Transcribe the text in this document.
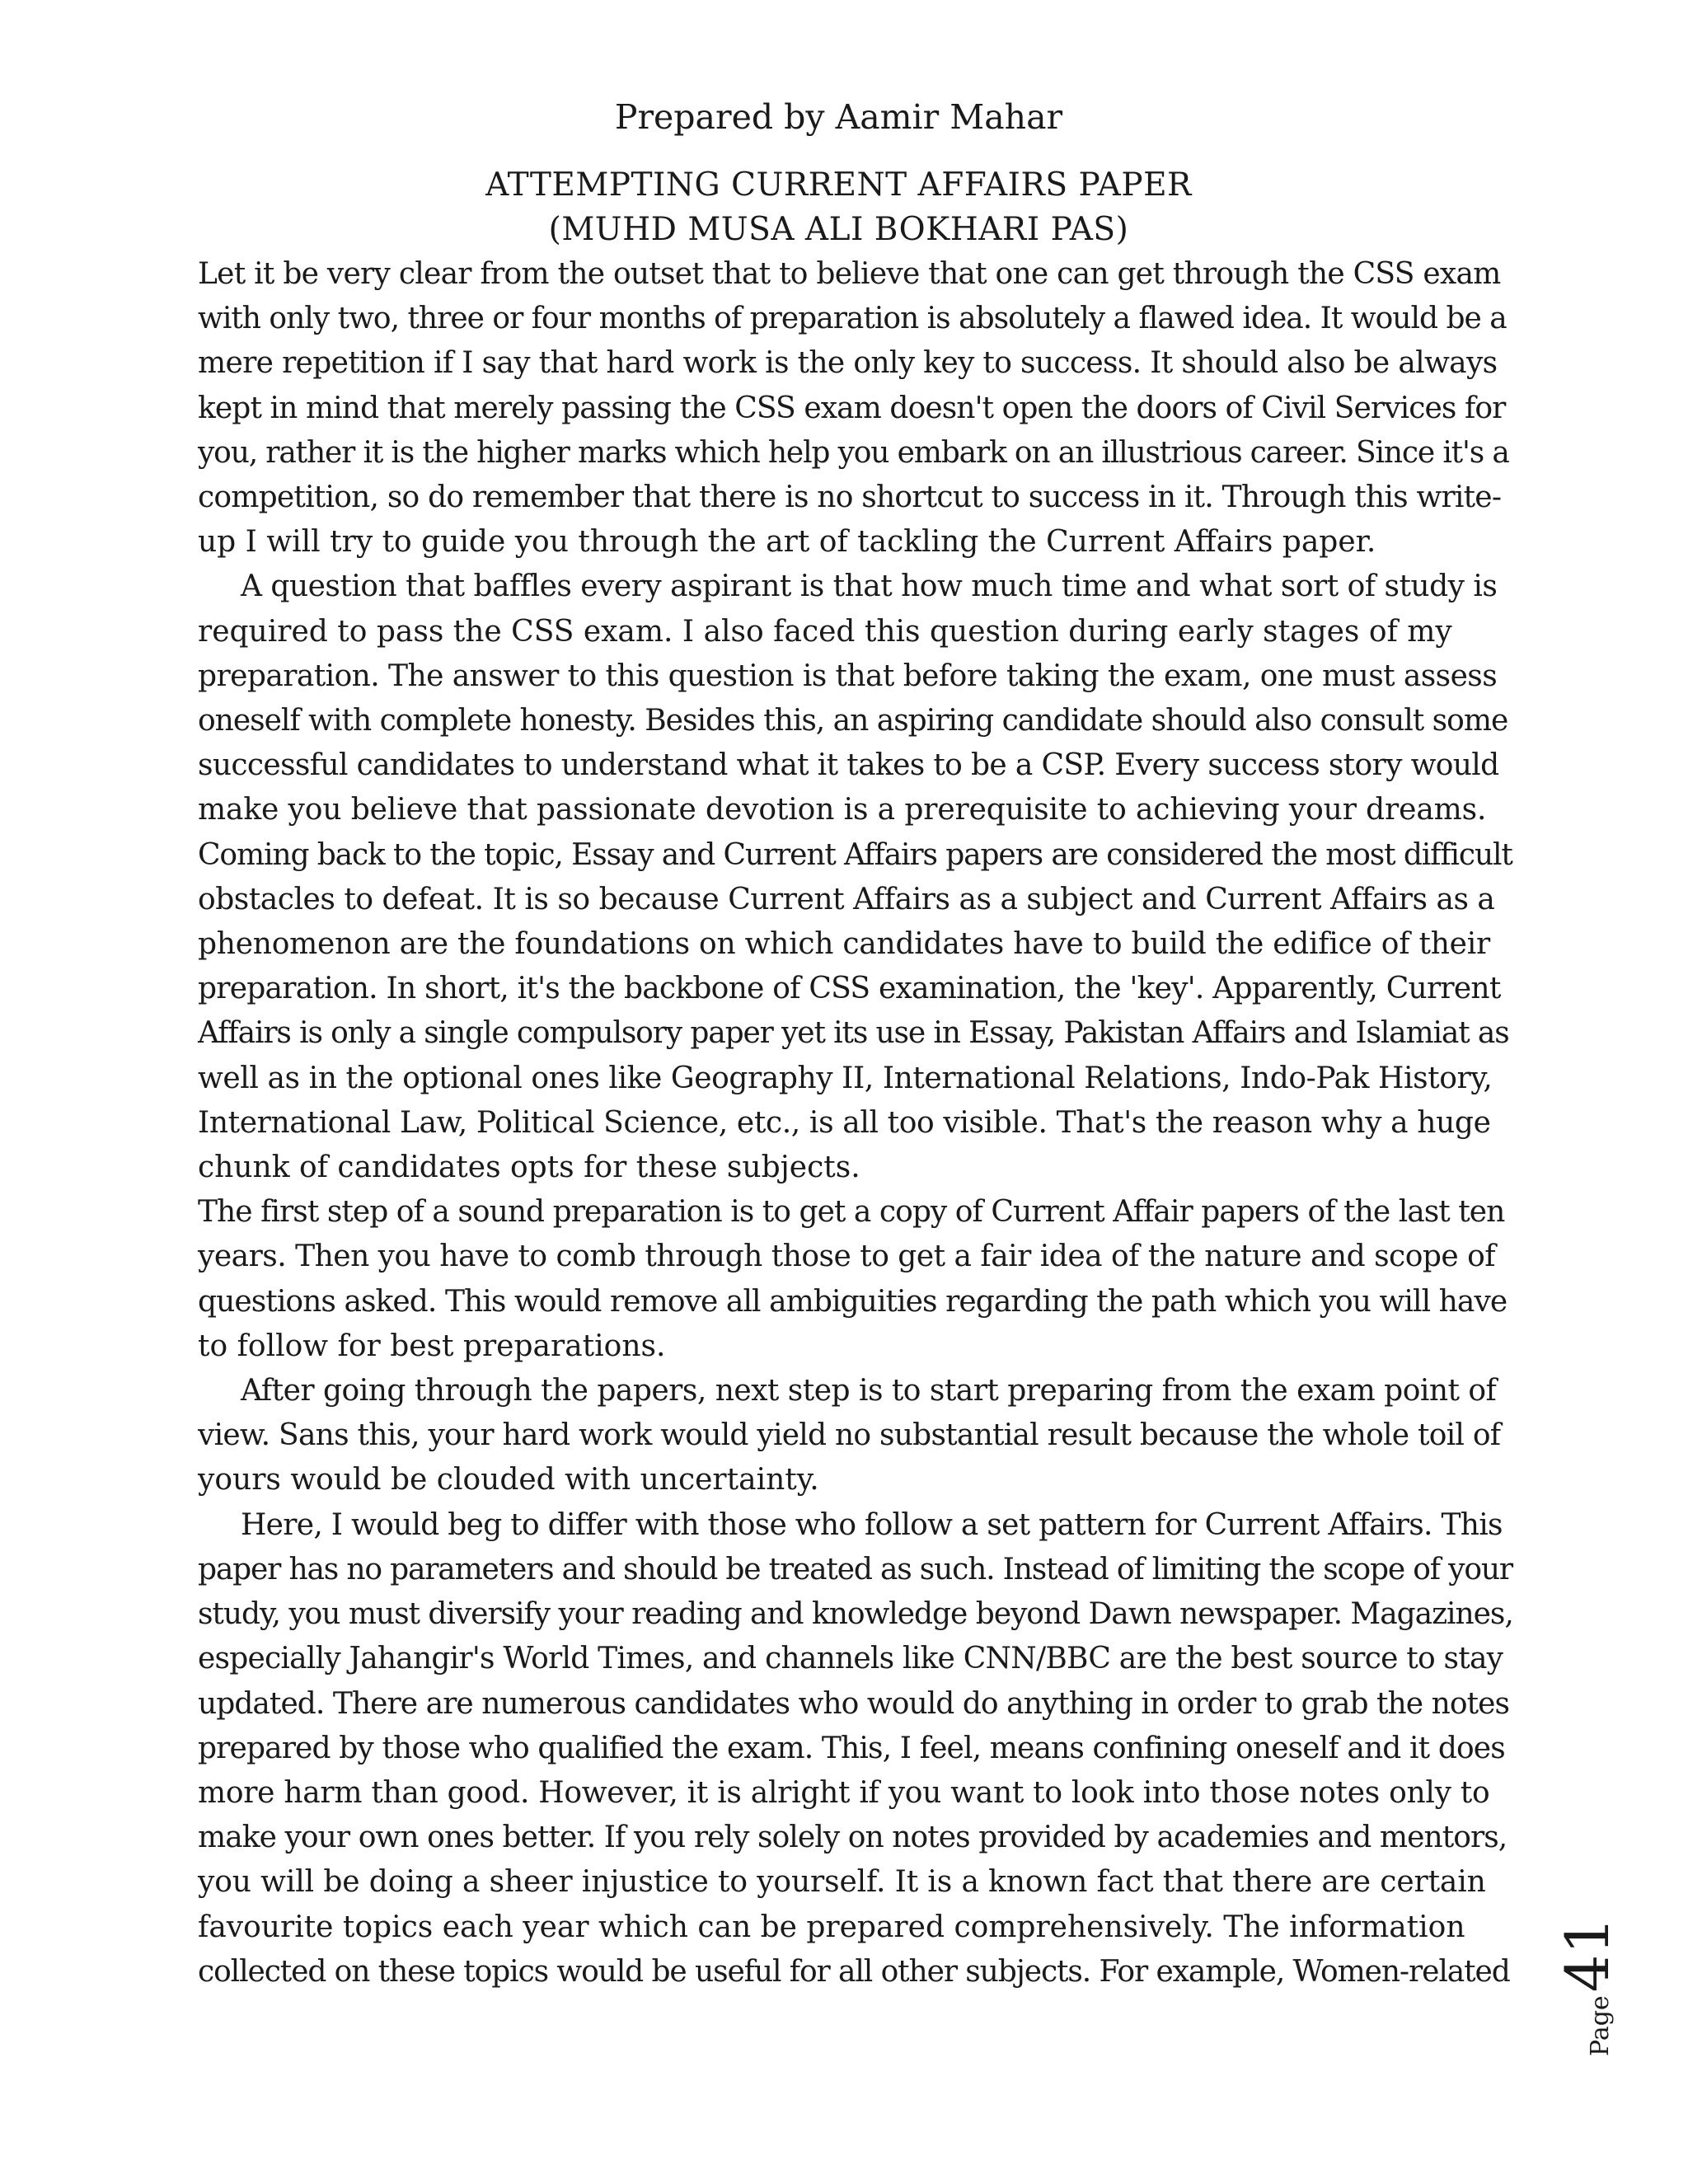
Prepared by Aamir Mahar
ATTEMPTING CURRENT AFFAIRS PAPER
(MUHD MUSA ALI BOKHARI PAS)

Let it be very clear from the outset that to believe that one can get through the CSS exam
with only two, three or four months of preparation is absolutely a flawed idea. It would be a
mere repetition if I say that hard work is the only key to success. It should also be always
kept in mind that merely passing the CSS exam doesn't open the doors of Civil Services for
you, rather it is the higher marks which help you embark on an illustrious career. Since it's a
competition, so do remember that there is no shortcut to success in it. Through this write-
up I will try to guide you through the art of tackling the Current Affairs paper.

A question that baffles every aspirant is that how much time and what sort of study is
required to pass the CSS exam. I also faced this question during early stages of my
preparation. The answer to this question is that before taking the exam, one must assess
oneself with complete honesty. Besides this, an aspiring candidate should also consult some
successful candidates to understand what it takes to be a CSP. Every success story would
make you believe that passionate devotion is a prerequisite to achieving your dreams.
Coming back to the topic, Essay and Current Affairs papers are considered the most difficult
obstacles to defeat. It is so because Current Affairs as a subject and Current Affairs as a
phenomenon are the foundations on which candidates have to build the edifice of their
preparation. In short, it's the backbone of CSS examination, the 'key'. Apparently, Current
Affairs is only a single compulsory paper yet its use in Essay, Pakistan Affairs and Islamiat as
well as in the optional ones like Geography II, International Relations, Indo-Pak History,
International Law, Political Science, etc., is all too visible. That's the reason why a huge
chunk of candidates opts for these subjects.

The first step of a sound preparation is to get a copy of Current Affair papers of the last ten
years. Then you have to comb through those to get a fair idea of the nature and scope of
questions asked. This would remove all ambiguities regarding the path which you will have
to follow for best preparations.

After going through the papers, next step is to start preparing from the exam point of
view. Sans this, your hard work would yield no substantial result because the whole toil of
yours would be clouded with uncertainty.

Here, I would beg to differ with those who follow a set pattern for Current Affairs. This
paper has no parameters and should be treated as such. Instead of limiting the scope of your
study, you must diversify your reading and knowledge beyond Dawn newspaper. Magazines,
especially Jahangir's World Times, and channels like CNN/BBC are the best source to stay
updated. There are numerous candidates who would do anything in order to grab the notes
prepared by those who qualified the exam. This, I feel, means confining oneself and it does
more harm than good. However, it is alright if you want to look into those notes only to
make your own ones better. If you rely solely on notes provided by academies and mentors,
you will be doing a sheer injustice to yourself. It is a known fact that there are certain
favourite topics each year which can be prepared comprehensively. The information
collected on these topics would be useful for all other subjects. For example, Women-related

Page
41
